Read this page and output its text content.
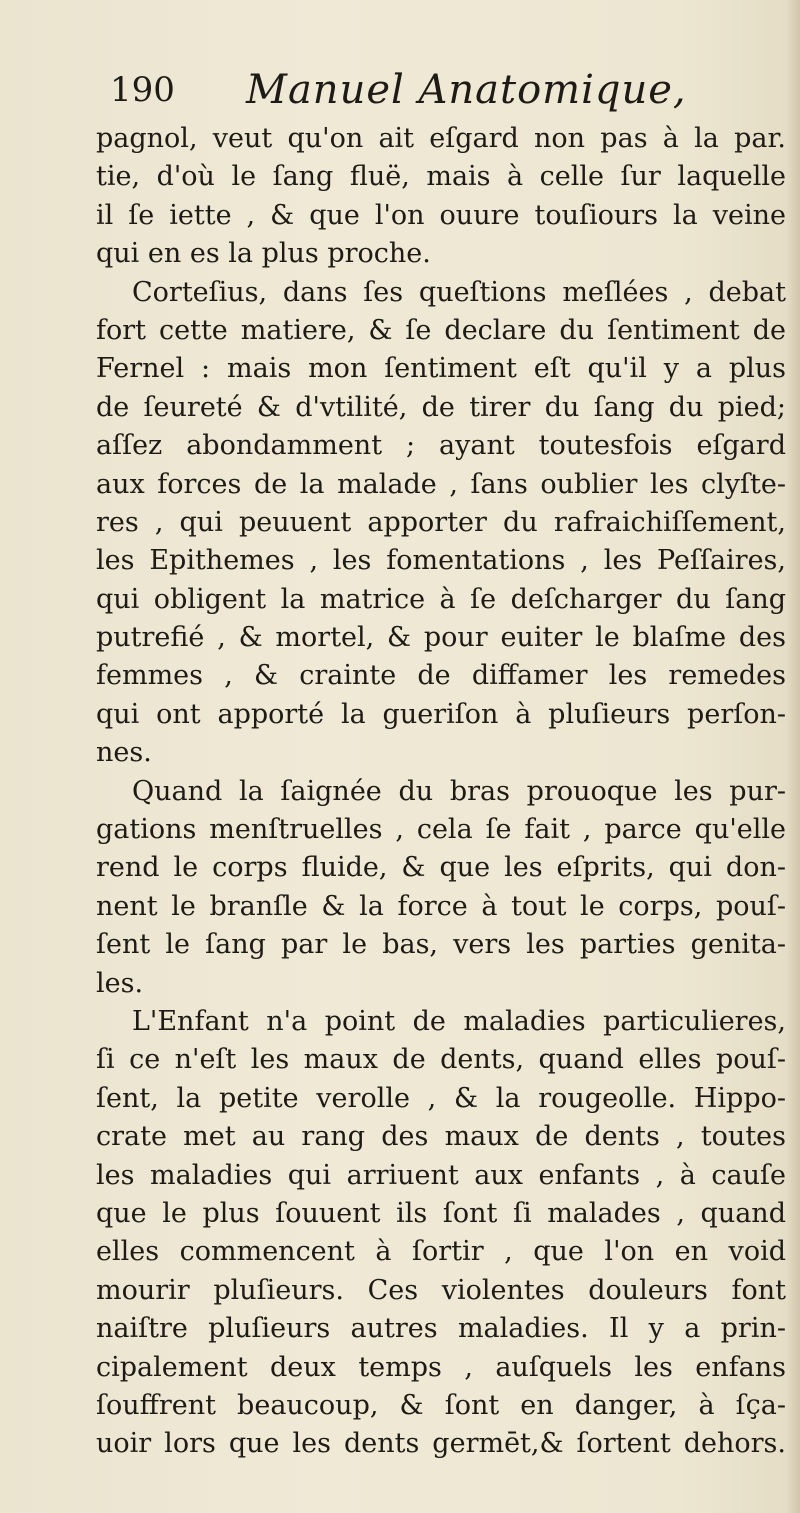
190 Manuel Anatomique,
pagnol, veut qu'on ait eſgard non pas à la par.
tie, d'où le ſang fluë, mais à celle ſur laquelle
il ſe iette , & que l'on ouure touſiours la veine
qui en es la plus proche.
Corteſius, dans ſes queſtions meſlées , debat
fort cette matiere, & ſe declare du ſentiment de
Fernel : mais mon ſentiment eſt qu'il y a plus
de ſeureté & d'vtilité, de tirer du ſang du pied;
aſſez abondamment ; ayant toutesfois eſgard
aux forces de la malade , ſans oublier les clyſte-
res , qui peuuent apporter du rafraichiſſement,
les Epithemes , les fomentations , les Peſſaires,
qui obligent la matrice à ſe deſcharger du ſang
putrefié , & mortel, & pour euiter le blaſme des
femmes , & crainte de diffamer les remedes
qui ont apporté la gueriſon à pluſieurs perſon-
nes.
Quand la ſaignée du bras prouoque les pur-
gations menſtruelles , cela ſe fait , parce qu'elle
rend le corps fluide, & que les eſprits, qui don-
nent le branſle & la force à tout le corps, pouſ-
ſent le ſang par le bas, vers les parties genita-
les.
L'Enfant n'a point de maladies particulieres,
ſi ce n'eſt les maux de dents, quand elles pouſ-
ſent, la petite verolle , & la rougeolle. Hippo-
crate met au rang des maux de dents , toutes
les maladies qui arriuent aux enfants , à cauſe
que le plus ſouuent ils ſont ſi malades , quand
elles commencent à ſortir , que l'on en void
mourir pluſieurs. Ces violentes douleurs font
naiſtre pluſieurs autres maladies. Il y a prin-
cipalement deux temps , auſquels les enfans
ſouffrent beaucoup, & ſont en danger, à ſça-
uoir lors que les dents germēt,& ſortent dehors.
